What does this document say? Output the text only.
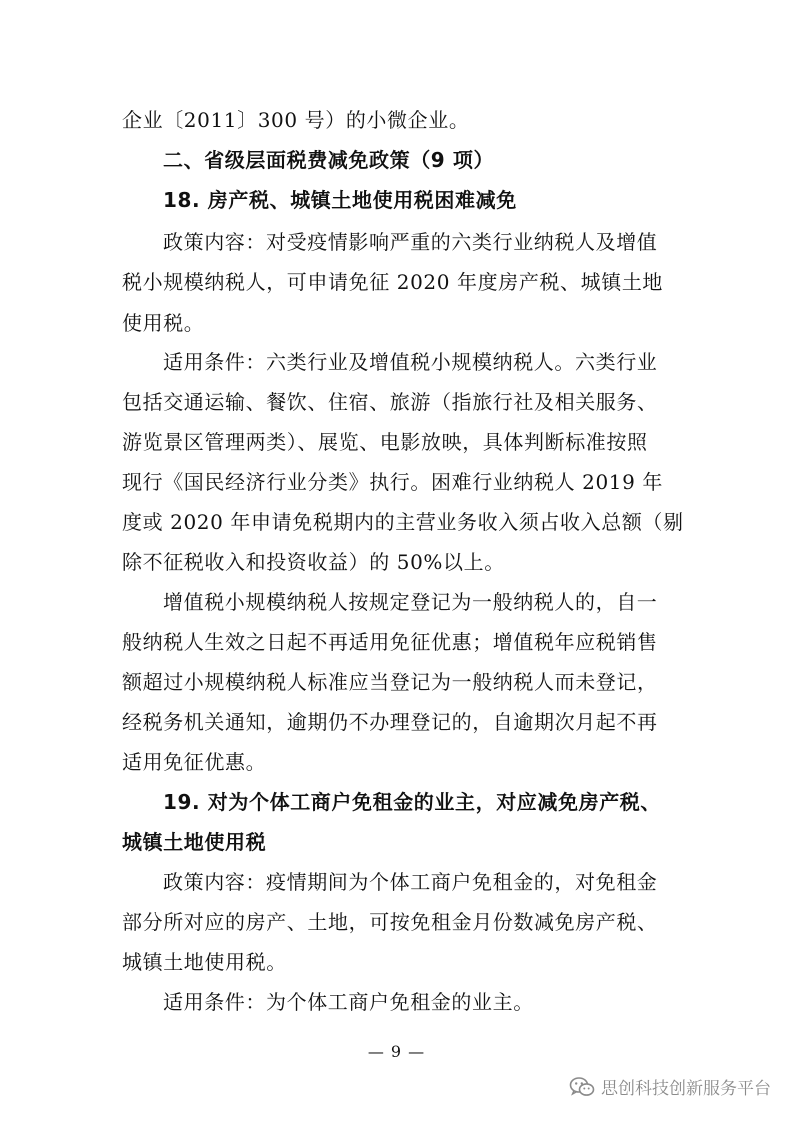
企业〔2011〕300 号）的小微企业。
二、省级层面税费减免政策（9 项）
18. 房产税、城镇土地使用税困难减免
政策内容：对受疫情影响严重的六类行业纳税人及增值
税小规模纳税人，可申请免征 2020 年度房产税、城镇土地
使用税。
适用条件：六类行业及增值税小规模纳税人。六类行业
包括交通运输、餐饮、住宿、旅游（指旅行社及相关服务、
游览景区管理两类）、展览、电影放映，具体判断标准按照
现行《国民经济行业分类》执行。困难行业纳税人 2019 年
度或 2020 年申请免税期内的主营业务收入须占收入总额（剔
除不征税收入和投资收益）的 50%以上。
增值税小规模纳税人按规定登记为一般纳税人的，自一
般纳税人生效之日起不再适用免征优惠；增值税年应税销售
额超过小规模纳税人标准应当登记为一般纳税人而未登记，
经税务机关通知，逾期仍不办理登记的，自逾期次月起不再
适用免征优惠。
19. 对为个体工商户免租金的业主，对应减免房产税、
城镇土地使用税
政策内容：疫情期间为个体工商户免租金的，对免租金
部分所对应的房产、土地，可按免租金月份数减免房产税、
城镇土地使用税。
适用条件：为个体工商户免租金的业主。
— 9 —
思创科技创新服务平台
